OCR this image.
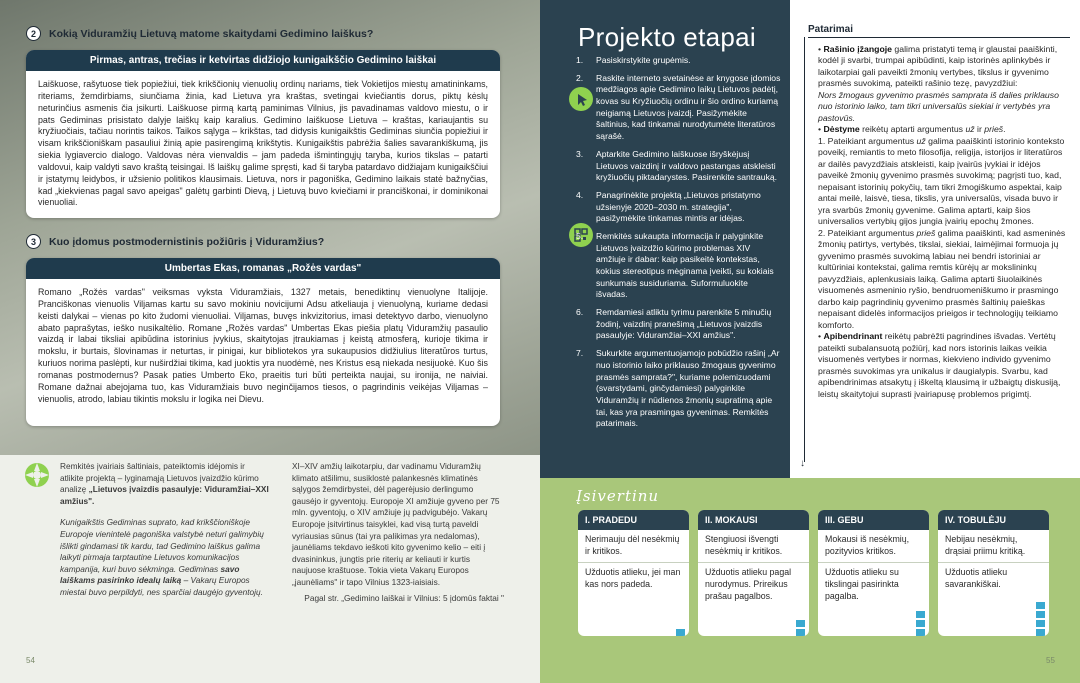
2	Kokią Viduramžių Lietuvą matome skaitydami Gedimino laiškus?
Pirmas, antras, trečias ir ketvirtas didžiojo kunigaikščio Gedimino laiškai
Laiškuose, rašytuose tiek popiežiui, tiek krikščionių vienuolių ordinų nariams, tiek Vokietijos miestų amatininkams, riteriams, žemdirbiams, siunčiama žinia, kad Lietuva yra kraštas, svetingai kviečiantis dorus, piktų kėslų neturinčius asmenis čia įsikurti. Laiškuose pirmą kartą paminimas Vilnius, jis pavadinamas valdovo miestu, o ir pats Gediminas prisistato dalyje laiškų kaip karalius. Gedimino laiškuose Lietuva – kraštas, kariaujantis su kryžiuočiais, tačiau norintis taikos. Taikos sąlyga – krikštas, tad didysis kunigaikštis Gediminas siunčia popiežiui ir visam krikščioniškam pasauliui žinią apie pasirengimą krikštytis. Kunigaikštis pabrėžia šalies savarankiškumą, jis siekia lygiavercio dialogo. Valdovas nėra vienvaldis – jam padeda išmintingųjų taryba, kurios tikslas – patarti valdovui, kaip valdyti savo kraštą teisingai. Iš laiškų galime spręsti, kad ši taryba patardavo didžiajam kunigaikščiui ir įstatymų leidybos, ir užsienio politikos klausimais. Lietuva, nors ir pagoniška, Gedimino laikais statė bažnyčias, kad „kiekvienas pagal savo apeigas" galėtų garbinti Dievą, į Lietuvą buvo kviečiami ir pranciškonai, ir dominikonai vienuoliai.
3	Kuo įdomus postmodernistinis požiūris į Viduramžius?
Umbertas Ekas, romanas „Rožės vardas"
Romano „Rožės vardas" veiksmas vyksta Viduramžiais, 1327 metais, benediktinų vienuolyne Italijoje. Pranciškonas vienuolis Viljamas kartu su savo mokiniu novicijumi Adsu atkeliauja į vienuolyną, kuriame dedasi keisti dalykai – vienas po kito žudomi vienuoliai. Viljamas, buvęs inkvizitorius, imasi detektyvo darbo, vienuolyno abato paprašytas, ieško nusikaltėlio. Romane „Rožės vardas" Umbertas Ekas piešia platų Viduramžių pasaulio vaizdą ir labai tiksliai apibūdina istorinius įvykius, skaitytojas įtraukiamas į keistą atmosferą, kurioje tikima ir mokslu, ir burtais, šlovinamas ir neturtas, ir pinigai, kur bibliotekos yra sukaupusios didžiulius literatūros turtus, kuriuos norima paslėpti, kur nuširdžiai tikima, kad juoktis yra nuodėmė, nes Kristus esą niekada nesijuokė. Kuo šis romanas postmodernus? Pasak paties Umberto Eko, praeitis turi būti perteikta naujai, su ironija, ne naiviai. Romane dažnai abejojama tuo, kas Viduramžiais buvo neginčijamos tiesos, o pagrindinis veikėjas Viljamas – vienuolis, atrodo, labiau tikintis mokslu ir logika nei Dievu.

Remkitės įvairiais šaltiniais, pateiktomis idėjomis ir atlikite projektą – lyginamąją Lietuvos įvaizdžio kūrimo analizę „Lietuvos įvaizdis pasaulyje: Viduramžiai–XXI amžius".

Kunigaikštis Gediminas suprato, kad krikščioniškoje Europoje vienintelė pagoniška valstybė neturi galimybių išlikti gindamasi tik kardu, tad Gedimino laiškus galima laikyti pirmaja tarptautine Lietuvos komunikacijos kampanija, kuri buvo sėkminga. Gediminas savo laiškams pasirinko idealų laiką – Vakarų Europos miestai buvo perpildyti, nes sparčiai daugėjo gyventojų.

XI–XIV amžių laikotarpiu, dar vadinamu Viduramžių klimato atšilimu, susiklostė palankesnės klimatinės sąlygos žemdirbystei, dėl pagerėjusio derlingumo gausėjo ir gyventojų. Europoje XI amžiuje gyveno per 75 mln. gyventojų, o XIV amžiuje jų padvigubėjo. Vakarų Europoje įsitvirtinus taisyklei, kad visą turtą paveldi vyriausias sūnus (tai yra palikimas yra nedalomas), jaunėliams tekdavo ieškoti kito gyvenimo kelio – eiti į dvasininkus, jungtis prie riterių ar keliauti ir kurtis naujuose kraštuose. Tokia vieta Vakarų Europos „jaunėliams" ir tapo Vilnius 1323-iaisiais.

Pagal str. „Gedimino laiškai ir Vilnius: 5 įdomūs faktai "

54
Projekto etapai
1.	Pasiskirstykite grupėmis.
2.	Raskite interneto svetainėse ar knygose įdomios medžiagos apie Gedimino laikų Lietuvos padėtį, kovas su Kryžiuočių ordinu ir šio ordino kuriamą neigiamą Lietuvos įvaizdį. Pasižymėkite šaltinius, kad tinkamai nurodytumėte literatūros sąrašė.
3.	Aptarkite Gedimino laiškuose išryškėjusį Lietuvos vaizdinį ir valdovo pastangas atskleisti kryžiuočių piktadarystes. Pasirenkite santrauką.
4.	Panagrinėkite projektą „Lietuvos pristatymo užsienyje 2020–2030 m. strategija", pasižymėkite tinkamas mintis ar idėjas.
5.	Remkitės sukaupta informacija ir palyginkite Lietuvos įvaizdžio kūrimo problemas XIV amžiuje ir dabar: kaip pasikeitė kontekstas, kokius stereotipus mėginama įveikti, su kokiais sunkumais susiduriama. Suformuluokite išvadas.
6.	Remdamiesi atliktu tyrimu parenkite 5 minučių žodinį, vaizdinį pranešimą „Lietuvos įvaizdis pasaulyje: Viduramžiai–XXI amžius".
7.	Sukurkite argumentuojamojo pobūdžio rašinį „Ar nuo istorinio laiko priklauso žmogaus gyvenimo prasmės samprata?", kuriame polemizuodami (svarstydami, ginčydamiesi) palyginkite Viduramžių ir nūdienos žmonių supratimą apie tai, kas yra prasmingas gyvenimas. Remkitės patarimais.
Patarimai
↓

• Rašinio įžangoje galima pristatyti temą ir glaustai paaiškinti, kodėl ji svarbi, trumpai apibūdinti, kaip istorinės aplinkybės ir laikotarpiai gali paveikti žmonių vertybes, tikslus ir gyvenimo prasmės suvokimą, pateikti rašinio tezę, pavyzdžiui:

Nors žmogaus gyvenimo prasmės samprata iš dalies priklauso nuo istorinio laiko, tam tikri universalūs siekiai ir vertybės yra pastovūs.

• Dėstyme reikėtų aptarti argumentus už ir prieš.

1. Pateikiant argumentus už galima paaiškinti istorinio konteksto poveikį, remiantis to meto filosofija, religija, istorijos ir literatūros ar dailės pavyzdžiais atskleisti, kaip įvairūs įvykiai ir idėjos paveikė žmonių gyvenimo prasmės suvokimą; pagrįsti tuo, kad, nepaisant istorinių pokyčių, tam tikri žmogiškumo aspektai, kaip antai meilė, laisvė, tiesa, tikslis, yra universalūs, visada buvo ir yra svarbūs žmonių gyvenime. Galima aptarti, kaip šios universalios vertybių gijos jungia įvairių epochų žmones.

2. Pateikiant argumentus prieš galima paaiškinti, kad asmeninės žmonių patirtys, vertybės, tikslai, siekiai, laimėjimai formuoja jų gyvenimo prasmės suvokimą labiau nei bendri istoriniai ar kultūriniai kontekstai, galima remtis kūrėjų ar mokslininkų pavyzdžiais, aplenkusiais laiką. Galima aptarti šiuolaikinės visuomenės asmeninio ryšio, bendruomeniškumo ir prasmingo darbo kaip pagrindinių gyvenimo prasmės šaltinių paieškas nepaisant didelės informacijos prieigos ir technologijų teikiamo komforto.

• Apibendrinant reikėtų pabrėžti pagrindines išvadas. Vertėtų pateikti subalansuotą požiūrį, kad nors istorinis laikas veikia visuomenės vertybes ir normas, kiekvieno individo gyvenimo prasmės suvokimas yra unikalus ir daugialypis. Svarbu, kad apibendrinimas atsakytų į iškeltą klausimą ir užbaigtų diskusiją, leistų skaitytojui suprasti įvairiapusę problemos prigimtį.

Įsivertinu
I. PRADEDU
Nerimauju dėl nesėkmių ir kritikos.
Užduotis atlieku, jei man kas nors padeda.
II. MOKAUSI
Stengiuosi išvengti nesėkmių ir kritikos.
Užduotis atlieku pagal nurodymus. Prireikus prašau pagalbos.
III. GEBU
Mokausi iš nesėkmių, pozityvios kritikos.
Užduotis atlieku su tikslingai pasirinkta pagalba.
IV. TOBULĖJU
Nebijau nesėkmių, drąsiai priimu kritiką.
Užduotis atlieku savarankiškai.
55
